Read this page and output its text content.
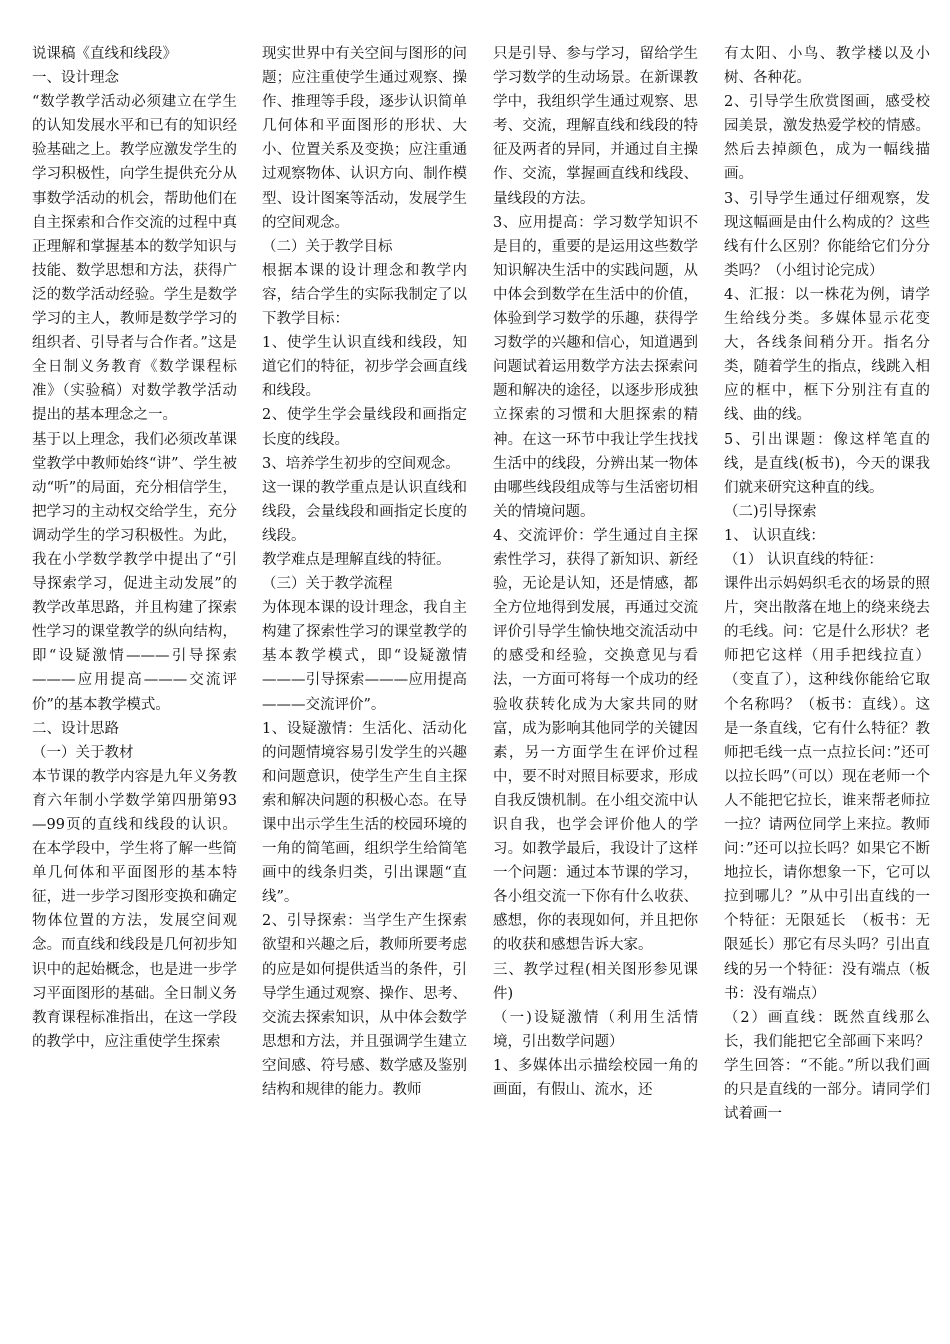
说课稿《直线和线段》

一、设计理念

“数学教学活动必须建立在学生的认知发展水平和已有的知识经验基础之上。教学应激发学生的学习积极性，向学生提供充分从事数学活动的机会，帮助他们在自主探索和合作交流的过程中真正理解和掌握基本的数学知识与技能、数学思想和方法，获得广泛的数学活动经验。学生是数学学习的主人，教师是数学学习的组织者、引导者与合作者。”这是全日制义务教育《数学课程标准》（实验稿）对数学教学活动提出的基本理念之一。

基于以上理念，我们必须改革课堂教学中教师始终“讲”、学生被动“听”的局面，充分相信学生，把学习的主动权交给学生，充分调动学生的学习积极性。为此，我在小学数学教学中提出了“引导探索学习，促进主动发展”的教学改革思路，并且构建了探索性学习的课堂教学的纵向结构，即“设疑激情———引导探索———应用提高———交流评价”的基本教学模式。

二、设计思路

（一）关于教材

本节课的教学内容是九年义务教育六年制小学数学第四册第93—99页的直线和线段的认识。在本学段中，学生将了解一些简单几何体和平面图形的基本特征，进一步学习图形变换和确定物体位置的方法，发展空间观念。而直线和线段是几何初步知识中的起始概念，也是进一步学习平面图形的基础。全日制义务教育课程标准指出，在这一学段的教学中，应注重使学生探索

现实世界中有关空间与图形的问题；应注重使学生通过观察、操作、推理等手段，逐步认识简单几何体和平面图形的形状、大小、位置关系及变换；应注重通过观察物体、认识方向、制作模型、设计图案等活动，发展学生的空间观念。

（二）关于教学目标

根据本课的设计理念和教学内容，结合学生的实际我制定了以下教学目标：

1、使学生认识直线和线段，知道它们的特征，初步学会画直线和线段。

2、使学生学会量线段和画指定长度的线段。

3、培养学生初步的空间观念。

这一课的教学重点是认识直线和线段，会量线段和画指定长度的线段。

教学难点是理解直线的特征。

（三）关于教学流程

为体现本课的设计理念，我自主构建了探索性学习的课堂教学的基本教学模式，即“设疑激情———引导探索———应用提高———交流评价”。

1、设疑激情：生活化、活动化的问题情境容易引发学生的兴趣和问题意识，使学生产生自主探索和解决问题的积极心态。在导课中出示学生生活的校园环境的一角的简笔画，组织学生给简笔画中的线条归类，引出课题“直线”。

2、引导探索：当学生产生探索欲望和兴趣之后，教师所要考虑的应是如何提供适当的条件，引导学生通过观察、操作、思考、交流去探索知识，从中体会数学思想和方法，并且强调学生建立空间感、符号感、数学感及鉴别结构和规律的能力。教师

只是引导、参与学习，留给学生学习数学的生动场景。在新课教学中，我组织学生通过观察、思考、交流，理解直线和线段的特征及两者的异同，并通过自主操作、交流，掌握画直线和线段、量线段的方法。

3、应用提高：学习数学知识不是目的，重要的是运用这些数学知识解决生活中的实践问题，从中体会到数学在生活中的价值，体验到学习数学的乐趣，获得学习数学的兴趣和信心，知道遇到问题试着运用数学方法去探索问题和解决的途径，以逐步形成独立探索的习惯和大胆探索的精神。在这一环节中我让学生找找生活中的线段，分辨出某一物体由哪些线段组成等与生活密切相关的情境问题。

4、交流评价：学生通过自主探索性学习，获得了新知识、新经验，无论是认知，还是情感，都全方位地得到发展，再通过交流评价引导学生愉快地交流活动中的感受和经验，交换意见与看法，一方面可将每一个成功的经验收获转化成为大家共同的财富，成为影响其他同学的关键因素，另一方面学生在评价过程中，要不时对照目标要求，形成自我反馈机制。在小组交流中认识自我，也学会评价他人的学习。如教学最后，我设计了这样一个问题：通过本节课的学习，各小组交流一下你有什么收获、感想，你的表现如何，并且把你的收获和感想告诉大家。

三、教学过程(相关图形参见课件)

（一)设疑激情（利用生活情境，引出数学问题）

1、多媒体出示描绘校园一角的画面，有假山、流水，还

有太阳、小鸟、教学楼以及小树、各种花。

2、引导学生欣赏图画，感受校园美景，激发热爱学校的情感。然后去掉颜色，成为一幅线描画。

3、引导学生通过仔细观察，发现这幅画是由什么构成的？这些线有什么区别？你能给它们分分类吗？（小组讨论完成）

4、汇报：以一株花为例，请学生给线分类。多媒体显示花变大，各线条间稍分开。指名分类，随着学生的指点，线跳入相应的框中，框下分别注有直的线、曲的线。

5、引出课题：像这样笔直的线，是直线(板书)，今天的课我们就来研究这种直的线。

（二)引导探索

1、 认识直线：

（1） 认识直线的特征：

课件出示妈妈织毛衣的场景的照片，突出散落在地上的绕来绕去的毛线。问：它是什么形状？老师把它这样（用手把线拉直）（变直了），这种线你能给它取个名称吗？（板书：直线）。这是一条直线，它有什么特征？教师把毛线一点一点拉长问：”还可以拉长吗”（可以）现在老师一个人不能把它拉长，谁来帮老师拉一拉？请两位同学上来拉。教师问：”还可以拉长吗？如果它不断地拉长，请你想象一下，它可以拉到哪儿？”从中引出直线的一个特征：无限延长　（板书：无限延长）那它有尽头吗？引出直线的另一个特征：没有端点（板书：没有端点）

（2）画直线：既然直线那么长，我们能把它全部画下来吗？学生回答：“不能。”所以我们画的只是直线的一部分。请同学们试着画一
